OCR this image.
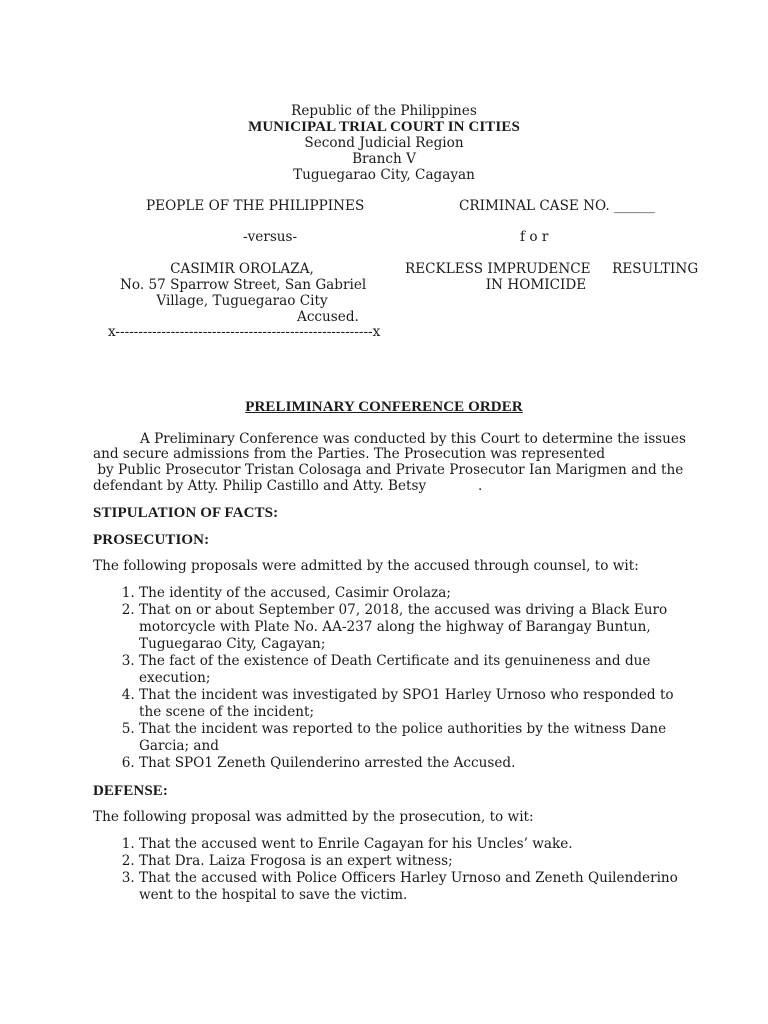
Republic of the Philippines
MUNICIPAL TRIAL COURT IN CITIES
Second Judicial Region
Branch V
Tuguegarao City, Cagayan
PEOPLE OF THE PHILIPPINES	CRIMINAL CASE NO. ______
-versus-	f o r
CASIMIR OROLAZA,
No. 57 Sparrow Street, San Gabriel
Village, Tuguegarao City
Accused.
RECKLESS IMPRUDENCE     RESULTING
IN HOMICIDE
x--------------------------------------------------------x
PRELIMINARY CONFERENCE ORDER
A Preliminary Conference was conducted by this Court to determine the issues
and secure admissions from the Parties. The Prosecution was represented
by Public Prosecutor Tristan Colosaga and Private Prosecutor Ian Marigmen and the
defendant by Atty. Philip Castillo and Atty. Betsy            .
STIPULATION OF FACTS:
PROSECUTION:
The following proposals were admitted by the accused through counsel, to wit:
1. The identity of the accused, Casimir Orolaza;
2. That on or about September 07, 2018, the accused was driving a Black Euro motorcycle with Plate No. AA-237 along the highway of Barangay Buntun, Tuguegarao City, Cagayan;
3. The fact of the existence of Death Certificate and its genuineness and due execution;
4. That the incident was investigated by SPO1 Harley Urnoso who responded to the scene of the incident;
5. That the incident was reported to the police authorities by the witness Dane Garcia; and
6. That SPO1 Zeneth Quilenderino arrested the Accused.
DEFENSE:
The following proposal was admitted by the prosecution, to wit:
1. That the accused went to Enrile Cagayan for his Uncles’ wake.
2. That Dra. Laiza Frogosa is an expert witness;
3. That the accused with Police Officers Harley Urnoso and Zeneth Quilenderino went to the hospital to save the victim.
